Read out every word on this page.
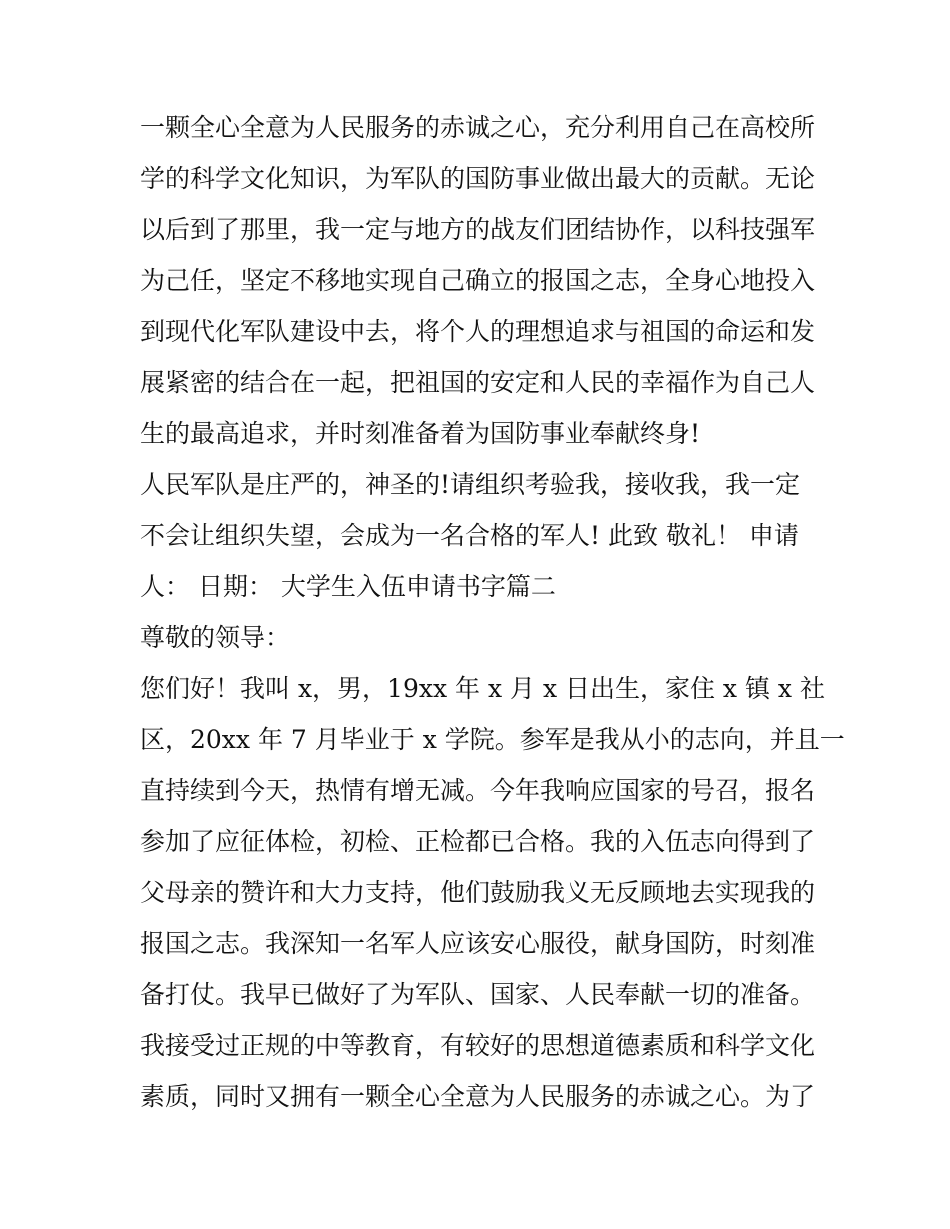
一颗全心全意为人民服务的赤诚之心，充分利用自己在高校所
学的科学文化知识，为军队的国防事业做出最大的贡献。无论
以后到了那里，我一定与地方的战友们团结协作，以科技强军
为己任，坚定不移地实现自己确立的报国之志，全身心地投入
到现代化军队建设中去，将个人的理想追求与祖国的命运和发
展紧密的结合在一起，把祖国的安定和人民的幸福作为自己人
生的最高追求，并时刻准备着为国防事业奉献终身!
人民军队是庄严的，神圣的!请组织考验我，接收我，我一定
不会让组织失望，会成为一名合格的军人! 此致 敬礼！ 申请
人： 日期： 大学生入伍申请书字篇二
尊敬的领导：
您们好！我叫 x，男，19xx 年 x 月 x 日出生，家住 x 镇 x 社
区，20xx 年 7 月毕业于 x 学院。参军是我从小的志向，并且一
直持续到今天，热情有增无减。今年我响应国家的号召，报名
参加了应征体检，初检、正检都已合格。我的入伍志向得到了
父母亲的赞许和大力支持，他们鼓励我义无反顾地去实现我的
报国之志。我深知一名军人应该安心服役，献身国防，时刻准
备打仗。我早已做好了为军队、国家、人民奉献一切的准备。
我接受过正规的中等教育，有较好的思想道德素质和科学文化
素质，同时又拥有一颗全心全意为人民服务的赤诚之心。为了
